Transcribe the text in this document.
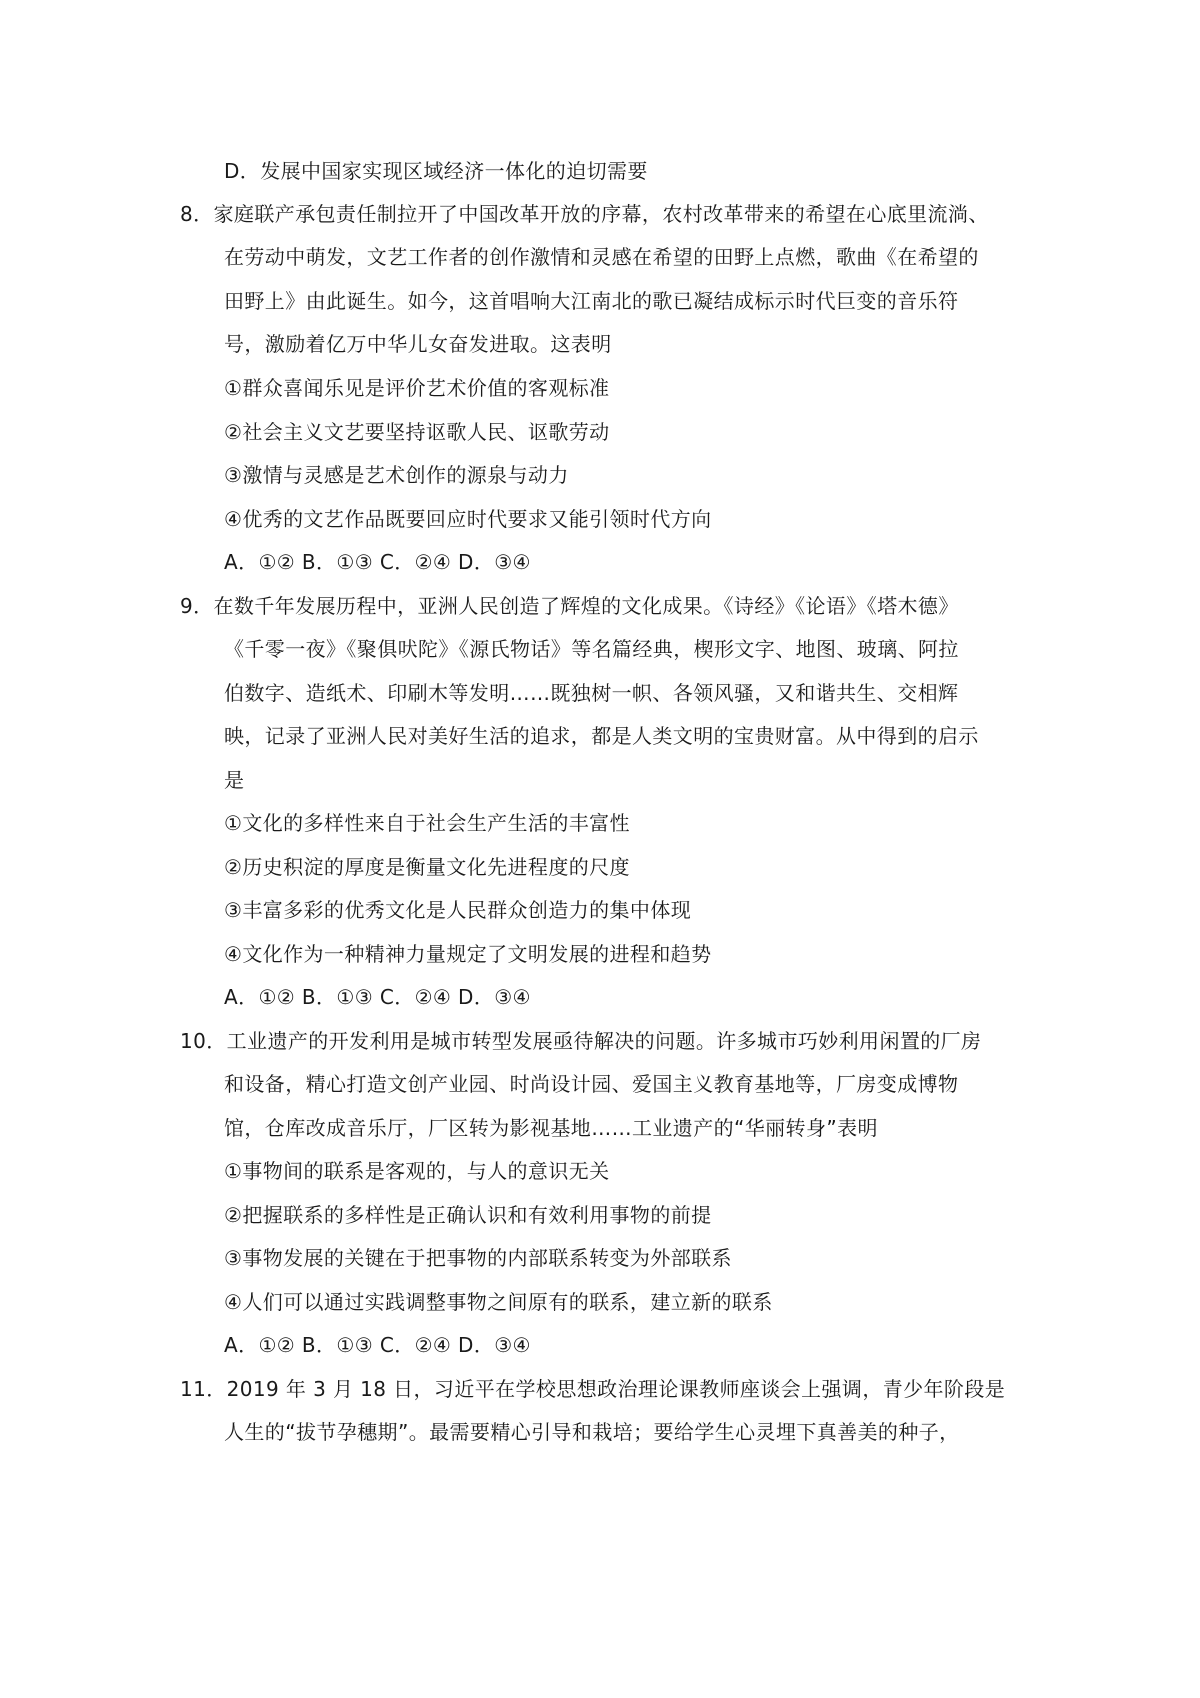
D．发展中国家实现区域经济一体化的迫切需要
8．家庭联产承包责任制拉开了中国改革开放的序幕，农村改革带来的希望在心底里流淌、
在劳动中萌发，文艺工作者的创作激情和灵感在希望的田野上点燃，歌曲《在希望的
田野上》由此诞生。如今，这首唱响大江南北的歌已凝结成标示时代巨变的音乐符
号，激励着亿万中华儿女奋发进取。这表明
①群众喜闻乐见是评价艺术价值的客观标准
②社会主义文艺要坚持讴歌人民、讴歌劳动
③激情与灵感是艺术创作的源泉与动力
④优秀的文艺作品既要回应时代要求又能引领时代方向
A．①② B．①③ C．②④ D．③④
9．在数千年发展历程中，亚洲人民创造了辉煌的文化成果。《诗经》《论语》《塔木德》
《千零一夜》《聚俱吠陀》《源氏物话》等名篇经典，楔形文字、地图、玻璃、阿拉
伯数字、造纸术、印刷木等发明……既独树一帜、各领风骚，又和谐共生、交相辉
映，记录了亚洲人民对美好生活的追求，都是人类文明的宝贵财富。从中得到的启示
是
①文化的多样性来自于社会生产生活的丰富性
②历史积淀的厚度是衡量文化先进程度的尺度
③丰富多彩的优秀文化是人民群众创造力的集中体现
④文化作为一种精神力量规定了文明发展的进程和趋势
A．①② B．①③ C．②④ D．③④
10．工业遗产的开发利用是城市转型发展亟待解决的问题。许多城市巧妙利用闲置的厂房
和设备，精心打造文创产业园、时尚设计园、爱国主义教育基地等，厂房变成博物
馆，仓库改成音乐厅，厂区转为影视基地……工业遗产的“华丽转身”表明
①事物间的联系是客观的，与人的意识无关
②把握联系的多样性是正确认识和有效利用事物的前提
③事物发展的关键在于把事物的内部联系转变为外部联系
④人们可以通过实践调整事物之间原有的联系，建立新的联系
A．①② B．①③ C．②④ D．③④
11．2019 年 3 月 18 日，习近平在学校思想政治理论课教师座谈会上强调，青少年阶段是
人生的“拔节孕穗期”。最需要精心引导和栽培；要给学生心灵埋下真善美的种子，
